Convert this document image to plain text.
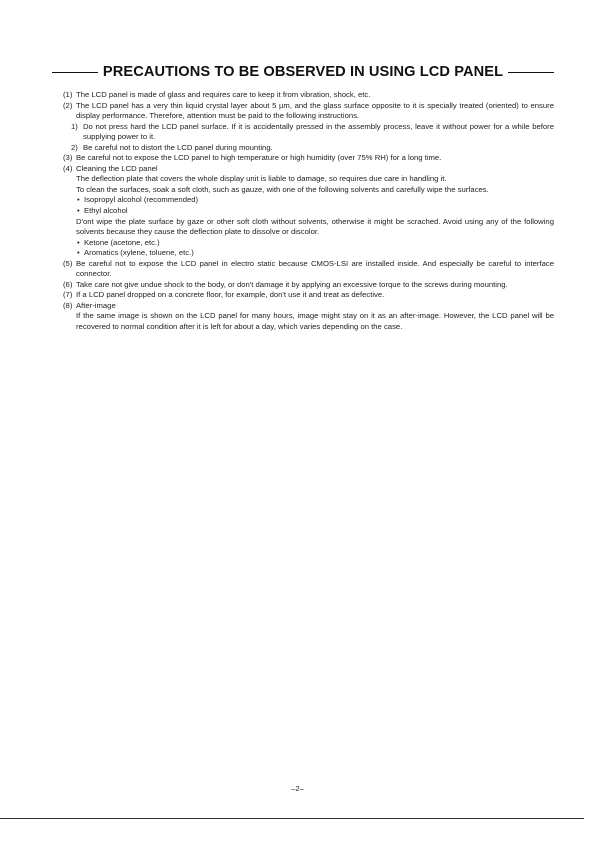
PRECAUTIONS TO BE OBSERVED IN USING LCD PANEL
(1) The LCD panel is made of glass and requires care to keep it from vibration, shock, etc.
(2) The LCD panel has a very thin liquid crystal layer about 5 µm, and the glass surface opposite to it is specially treated (oriented) to ensure display performance. Therefore, attention must be paid to the following instructions.
1) Do not press hard the LCD panel surface. If it is accidentally pressed in the assembly process, leave it without power for a while before supplying power to it.
2) Be careful not to distort the LCD panel during mounting.
(3) Be careful not to expose the LCD panel to high temperature or high humidity (over 75% RH) for a long time.
(4) Cleaning the LCD panel
The deflection plate that covers the whole display unit is liable to damage, so requires due care in handling it.
To clean the surfaces, soak a soft cloth, such as gauze, with one of the following solvents and carefully wipe the surfaces.
• Isopropyl alcohol (recommended)
• Ethyl alcohol
D'ont wipe the plate surface by gaze or other soft cloth without solvents, otherwise it might be scrached. Avoid using any of the following solvents because they cause the deflection plate to dissolve or discolor.
• Ketone (acetone, etc.)
• Aromatics (xylene, toluene, etc.)
(5) Be careful not to expose the LCD panel in electro static because CMOS-LSI are installed inside. And especially be careful to interface connector.
(6) Take care not give undue shock to the body, or don't damage it by applying an excessive torque to the screws during mounting.
(7) If a LCD panel dropped on a concrete floor, for example, don't use it and treat as defective.
(8) After-image
If the same image is shown on the LCD panel for many hours, image might stay on it as an after-image. However, the LCD panel will be recovered to normal condition after it is left for about a day, which varies depending on the case.
–2–
